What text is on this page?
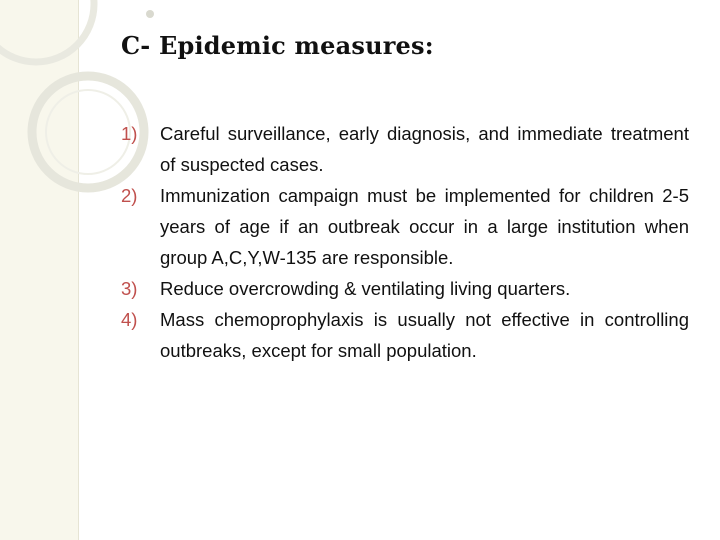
C- Epidemic measures:
1) Careful surveillance, early diagnosis, and immediate treatment of suspected cases.
2) Immunization campaign must be implemented for children 2-5 years of age if an outbreak occur in a large institution when group A,C,Y,W-135 are responsible.
3) Reduce overcrowding & ventilating living quarters.
4) Mass chemoprophylaxis is usually not effective in controlling outbreaks, except for small population.
